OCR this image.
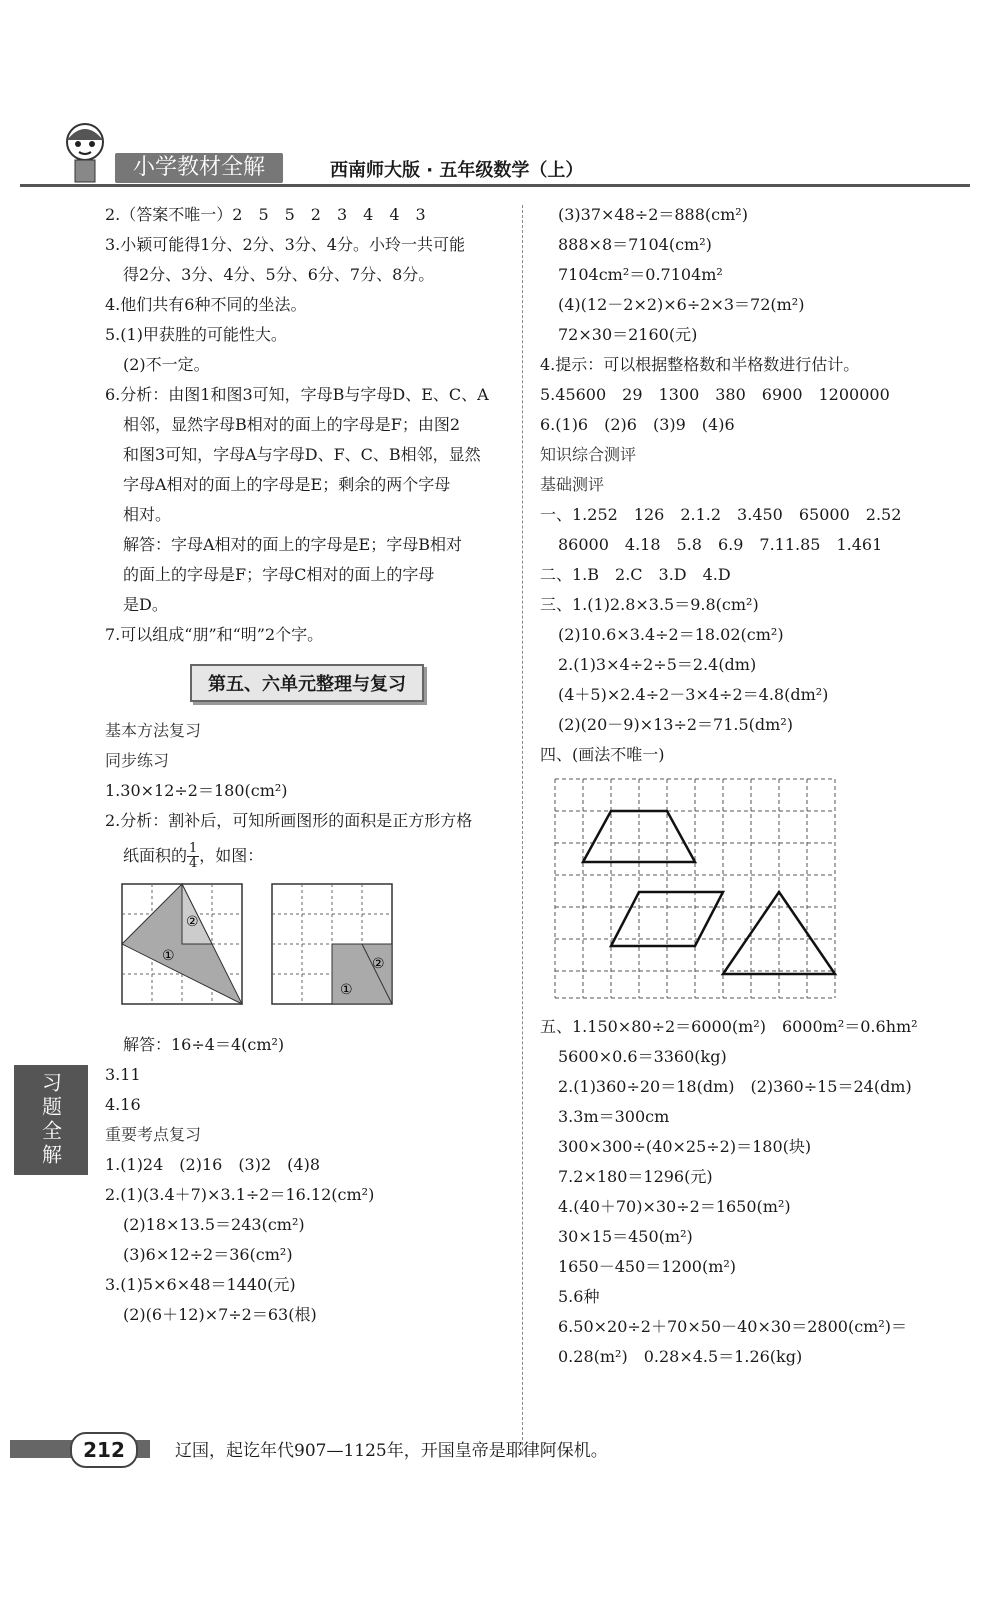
小学教材全解	西南师大版 · 五年级数学（上）
2.（答案不唯一）2　5　5　2　3　4　4　3
3.小颖可能得1分、2分、3分、4分。小玲一共可能
得2分、3分、4分、5分、6分、7分、8分。
4.他们共有6种不同的坐法。
5.(1)甲获胜的可能性大。
(2)不一定。
6.分析：由图1和图3可知，字母B与字母D、E、C、A
相邻，显然字母B相对的面上的字母是F；由图2
和图3可知，字母A与字母D、F、C、B相邻，显然
字母A相对的面上的字母是E；剩余的两个字母
相对。
解答：字母A相对的面上的字母是E；字母B相对
的面上的字母是F；字母C相对的面上的字母
是D。
7.可以组成“朋”和“明”2个字。
第五、六单元整理与复习
基本方法复习
同步练习
1.30×12÷2＝180(cm²)
2.分析：割补后，可知所画图形的面积是正方形方格
纸面积的 $\frac{1}{4}$ ，如图：
①
②
①
②
解答：16÷4＝4(cm²)
3.11
4.16
重要考点复习
1.(1)24　(2)16　(3)2　(4)8
2.(1)(3.4＋7)×3.1÷2＝16.12(cm²)
(2)18×13.5＝243(cm²)
(3)6×12÷2＝36(cm²)
3.(1)5×6×48＝1440(元)
(2)(6＋12)×7÷2＝63(根)
(3)37×48÷2＝888(cm²)
888×8＝7104(cm²)
7104cm²＝0.7104m²
(4)(12－2×2)×6÷2×3＝72(m²)
72×30＝2160(元)
4.提示：可以根据整格数和半格数进行估计。
5.45600　29　1300　380　6900　1200000
6.(1)6　(2)6　(3)9　(4)6
知识综合测评
基础测评
一、1.252　126　2.1.2　3.450　65000　2.52
86000　4.18　5.8　6.9　7.11.85　1.461
二、1.B　2.C　3.D　4.D
三、1.(1)2.8×3.5＝9.8(cm²)
(2)10.6×3.4÷2＝18.02(cm²)
2.(1)3×4÷2÷5＝2.4(dm)
(4＋5)×2.4÷2－3×4÷2＝4.8(dm²)
(2)(20－9)×13÷2＝71.5(dm²)
四、(画法不唯一)
五、1.150×80÷2＝6000(m²)　6000m²＝0.6hm²
5600×0.6＝3360(kg)
2.(1)360÷20＝18(dm)　(2)360÷15＝24(dm)
3.3m＝300cm
300×300÷(40×25÷2)＝180(块)
7.2×180＝1296(元)
4.(40＋70)×30÷2＝1650(m²)
30×15＝450(m²)
1650－450＝1200(m²)
5.6种
6.50×20÷2＋70×50－40×30＝2800(cm²)＝
0.28(m²)　0.28×4.5＝1.26(kg)
习题全解
212	辽国，起讫年代907—1125年，开国皇帝是耶律阿保机。
